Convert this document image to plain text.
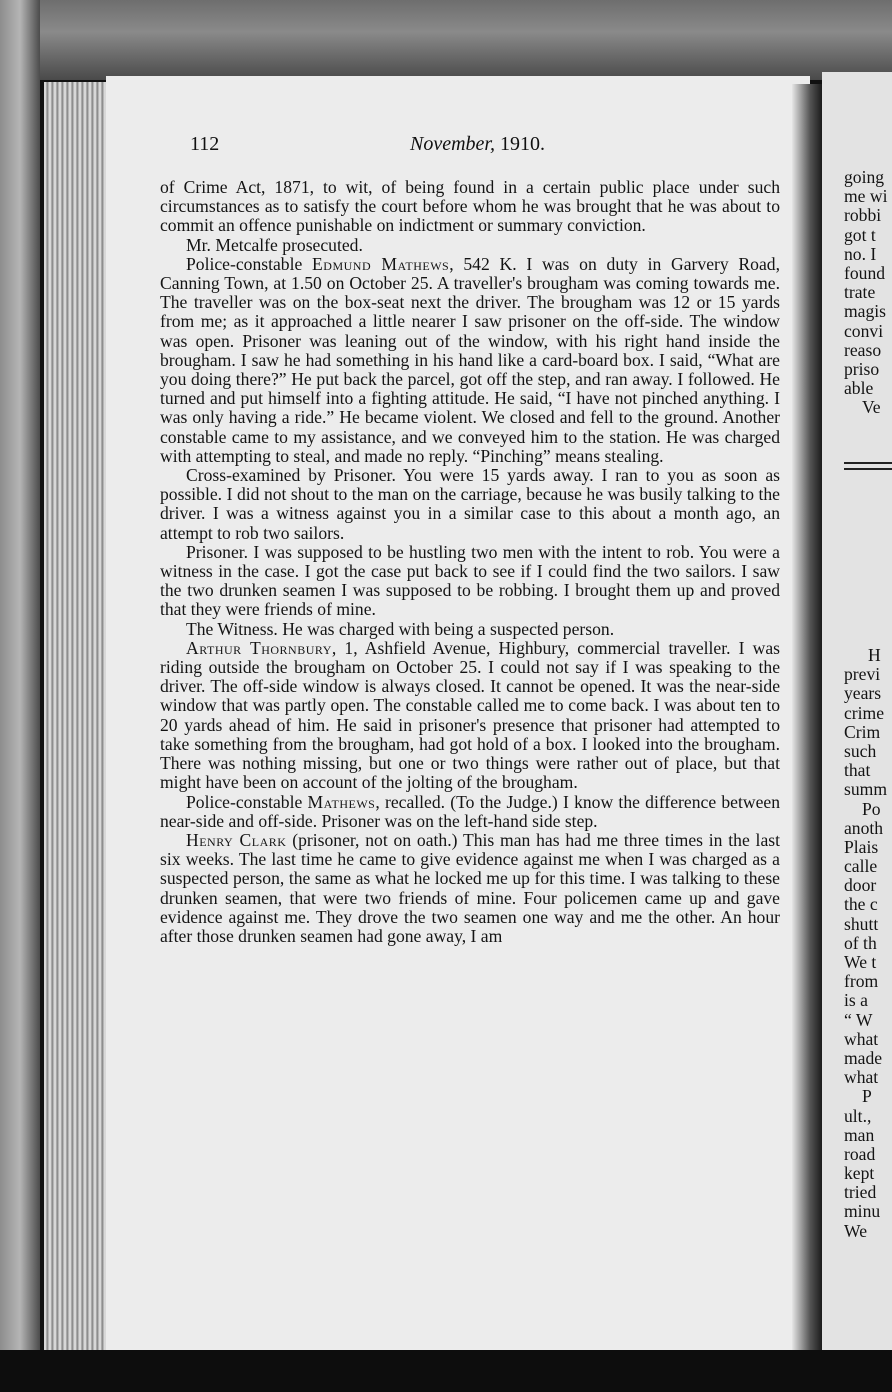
going
me wi
robbi
got t
no. I
found
trate
magis
convi
reaso
priso
able
Ve
H
previ
years
crime
Crim
such
that
summ
Po
anoth
Plais
calle
door
the c
shutt
of th
We t
from
is a
“ W
what
made
what
P
ult.,
man
road
kept
tried
minu
We
112	November, 1910.

of Crime Act, 1871, to wit, of being found in a certain public place under such circumstances as to satisfy the court before whom he was brought that he was about to commit an offence punishable on indictment or summary conviction.

Mr. Metcalfe prosecuted.

Police-constable Edmund Mathews, 542 K. I was on duty in Garvery Road, Canning Town, at 1.50 on October 25. A traveller's brougham was coming towards me. The traveller was on the box-seat next the driver. The brougham was 12 or 15 yards from me; as it approached a little nearer I saw prisoner on the off-side. The window was open. Prisoner was leaning out of the window, with his right hand inside the brougham. I saw he had something in his hand like a card-board box. I said, “What are you doing there?” He put back the parcel, got off the step, and ran away. I followed. He turned and put himself into a fighting attitude. He said, “I have not pinched anything. I was only having a ride.” He became violent. We closed and fell to the ground. Another constable came to my assistance, and we conveyed him to the station. He was charged with attempting to steal, and made no reply. “Pinching” means stealing.

Cross-examined by Prisoner. You were 15 yards away. I ran to you as soon as possible. I did not shout to the man on the carriage, because he was busily talking to the driver. I was a witness against you in a similar case to this about a month ago, an attempt to rob two sailors.

Prisoner. I was supposed to be hustling two men with the intent to rob. You were a witness in the case. I got the case put back to see if I could find the two sailors. I saw the two drunken seamen I was supposed to be robbing. I brought them up and proved that they were friends of mine.

The Witness. He was charged with being a suspected person.

Arthur Thornbury, 1, Ashfield Avenue, Highbury, commercial traveller. I was riding outside the brougham on October 25. I could not say if I was speaking to the driver. The off-side window is always closed. It cannot be opened. It was the near-side window that was partly open. The constable called me to come back. I was about ten to 20 yards ahead of him. He said in prisoner's presence that prisoner had attempted to take something from the brougham, had got hold of a box. I looked into the brougham. There was nothing missing, but one or two things were rather out of place, but that might have been on account of the jolting of the brougham.

Police-constable Mathews, recalled. (To the Judge.) I know the difference between near-side and off-side. Prisoner was on the left-hand side step.

Henry Clark (prisoner, not on oath.) This man has had me three times in the last six weeks. The last time he came to give evidence against me when I was charged as a suspected person, the same as what he locked me up for this time. I was talking to these drunken seamen, that were two friends of mine. Four policemen came up and gave evidence against me. They drove the two seamen one way and me the other. An hour after those drunken seamen had gone away, I am
